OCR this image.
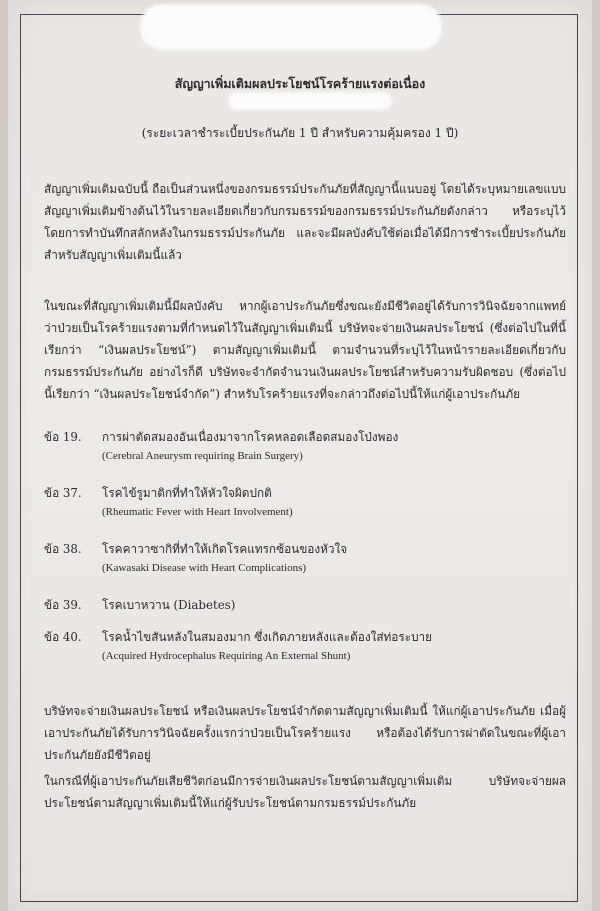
สัญญาเพิ่มเติมผลประโยชน์โรคร้ายแรงต่อเนื่อง
(ระยะเวลาชำระเบี้ยประกันภัย 1 ปี สำหรับความคุ้มครอง 1 ปี)

สัญญาเพิ่มเติมฉบับนี้ ถือเป็นส่วนหนึ่งของกรมธรรม์ประกันภัยที่สัญญานี้แนบอยู่ โดยได้ระบุหมายเลขแบบสัญญาเพิ่มเติมข้างต้นไว้ในรายละเอียดเกี่ยวกับกรมธรรม์ของกรมธรรม์ประกันภัยดังกล่าว หรือระบุไว้โดยการทำบันทึกสลักหลังในกรมธรรม์ประกันภัย และจะมีผลบังคับใช้ต่อเมื่อได้มีการชำระเบี้ยประกันภัยสำหรับสัญญาเพิ่มเติมนี้แล้ว

ในขณะที่สัญญาเพิ่มเติมนี้มีผลบังคับ หากผู้เอาประกันภัยซึ่งขณะยังมีชีวิตอยู่ได้รับการวินิจฉัยจากแพทย์ว่าป่วยเป็นโรคร้ายแรงตามที่กำหนดไว้ในสัญญาเพิ่มเติมนี้ บริษัทจะจ่ายเงินผลประโยชน์ (ซึ่งต่อไปในที่นี้เรียกว่า “เงินผลประโยชน์”) ตามสัญญาเพิ่มเติมนี้ ตามจำนวนที่ระบุไว้ในหน้ารายละเอียดเกี่ยวกับกรมธรรม์ประกันภัย อย่างไรก็ดี บริษัทจะจำกัดจำนวนเงินผลประโยชน์สำหรับความรับผิดชอบ (ซึ่งต่อไปนี้เรียกว่า “เงินผลประโยชน์จำกัด”) สำหรับโรคร้ายแรงที่จะกล่าวถึงต่อไปนี้ให้แก่ผู้เอาประกันภัย

ข้อ 19. การผ่าตัดสมองอันเนื่องมาจากโรคหลอดเลือดสมองโป่งพอง
(Cerebral Aneurysm requiring Brain Surgery)
ข้อ 37. โรคไข้รูมาติกที่ทำให้หัวใจผิดปกติ
(Rheumatic Fever with Heart Involvement)
ข้อ 38. โรคคาวาซากิที่ทำให้เกิดโรคแทรกซ้อนของหัวใจ
(Kawasaki Disease with Heart Complications)
ข้อ 39. โรคเบาหวาน (Diabetes)
ข้อ 40. โรคน้ำไขสันหลังในสมองมาก ซึ่งเกิดภายหลังและต้องใส่ท่อระบาย
(Acquired Hydrocephalus Requiring An External Shunt)

บริษัทจะจ่ายเงินผลประโยชน์ หรือเงินผลประโยชน์จำกัดตามสัญญาเพิ่มเติมนี้ ให้แก่ผู้เอาประกันภัย เมื่อผู้เอาประกันภัยได้รับการวินิจฉัยครั้งแรกว่าป่วยเป็นโรคร้ายแรง หรือต้องได้รับการผ่าตัดในขณะที่ผู้เอาประกันภัยยังมีชีวิตอยู่

ในกรณีที่ผู้เอาประกันภัยเสียชีวิตก่อนมีการจ่ายเงินผลประโยชน์ตามสัญญาเพิ่มเติม บริษัทจะจ่ายผลประโยชน์ตามสัญญาเพิ่มเติมนี้ให้แก่ผู้รับประโยชน์ตามกรมธรรม์ประกันภัย
